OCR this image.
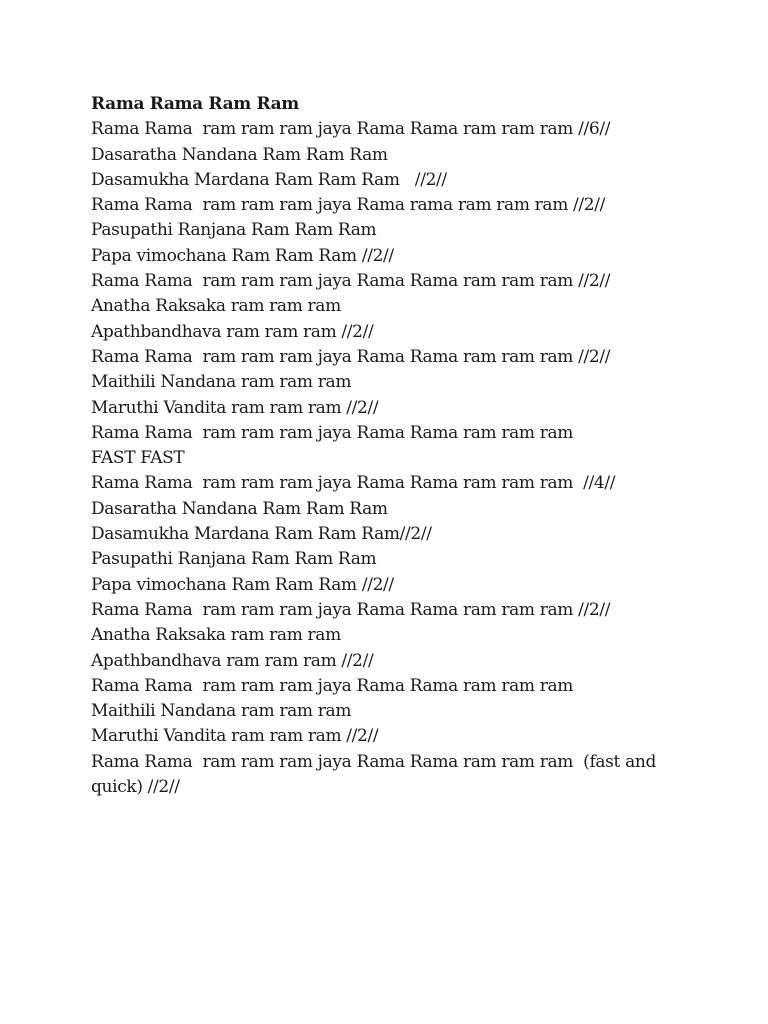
Rama Rama Ram Ram

Rama Rama  ram ram ram jaya Rama Rama ram ram ram //6//

Dasaratha Nandana Ram Ram Ram

Dasamukha Mardana Ram Ram Ram   //2//

Rama Rama  ram ram ram jaya Rama rama ram ram ram //2//

Pasupathi Ranjana Ram Ram Ram

Papa vimochana Ram Ram Ram //2//

Rama Rama  ram ram ram jaya Rama Rama ram ram ram //2//

Anatha Raksaka ram ram ram

Apathbandhava ram ram ram //2//

Rama Rama  ram ram ram jaya Rama Rama ram ram ram //2//

Maithili Nandana ram ram ram

Maruthi Vandita ram ram ram //2//

Rama Rama  ram ram ram jaya Rama Rama ram ram ram

FAST FAST

Rama Rama  ram ram ram jaya Rama Rama ram ram ram  //4//

Dasaratha Nandana Ram Ram Ram

Dasamukha Mardana Ram Ram Ram//2//

Pasupathi Ranjana Ram Ram Ram

Papa vimochana Ram Ram Ram //2//

Rama Rama  ram ram ram jaya Rama Rama ram ram ram //2//

Anatha Raksaka ram ram ram

Apathbandhava ram ram ram //2//

Rama Rama  ram ram ram jaya Rama Rama ram ram ram

Maithili Nandana ram ram ram

Maruthi Vandita ram ram ram //2//

Rama Rama  ram ram ram jaya Rama Rama ram ram ram  (fast and

quick) //2//
